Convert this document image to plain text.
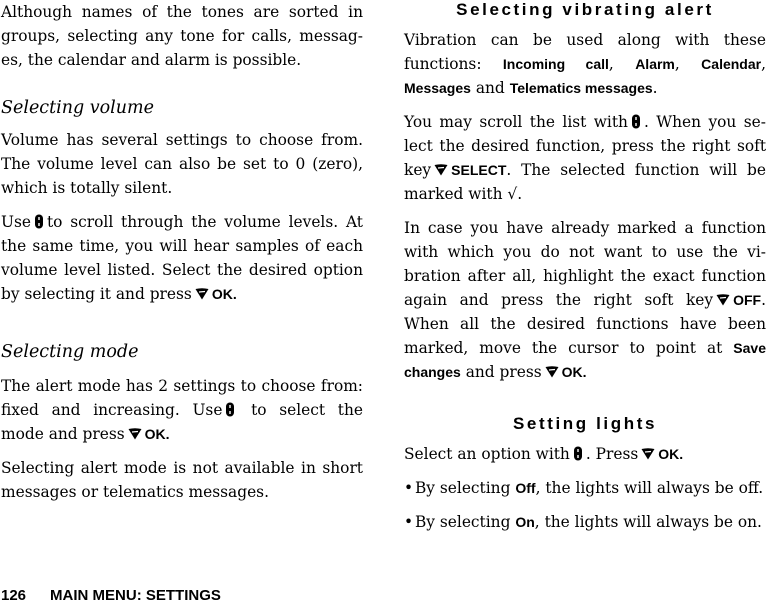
Although names of the tones are sorted in groups, selecting any tone for calls, messages, the calendar and alarm is possible.

Selecting volume

Volume has several settings to choose from. The volume level can also be set to 0 (zero), which is totally silent.

Use to scroll through the volume levels. At the same time, you will hear samples of each volume level listed. Select the desired option by selecting it and press OK.

Selecting mode

The alert mode has 2 settings to choose from: fixed and increasing. Use to select the mode and press OK.

Selecting alert mode is not available in short messages or telematics messages.

Selecting vibrating alert

Vibration can be used along with these functions: Incoming call, Alarm, Calendar, Messages and Telematics messages.

You may scroll the list with . When you select the desired function, press the right soft key SELECT. The selected function will be marked with √.

In case you have already marked a function with which you do not want to use the vibration after all, highlight the exact function again and press the right soft key OFF. When all the desired functions have been marked, move the cursor to point at Save changes and press OK.

Setting lights

Select an option with . Press OK.

• By selecting Off, the lights will always be off.

• By selecting On, the lights will always be on.

126 MAIN MENU: SETTINGS
